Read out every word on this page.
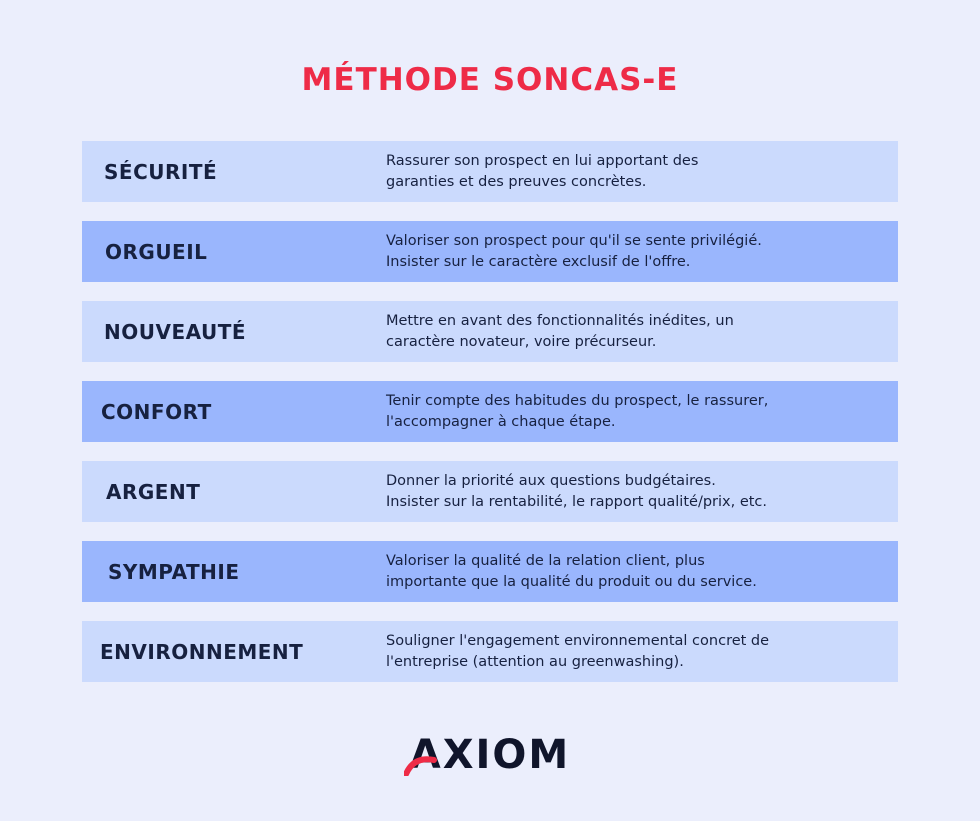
MÉTHODE SONCAS-E
SÉCURITÉ	Rassurer son prospect en lui apportant des
garanties et des preuves concrètes.
ORGUEIL	Valoriser son prospect pour qu'il se sente privilégié.
Insister sur le caractère exclusif de l'offre.
NOUVEAUTÉ	Mettre en avant des fonctionnalités inédites, un
caractère novateur, voire précurseur.
CONFORT	Tenir compte des habitudes du prospect, le rassurer,
l'accompagner à chaque étape.
ARGENT	Donner la priorité aux questions budgétaires.
Insister sur la rentabilité, le rapport qualité/prix, etc.
SYMPATHIE	Valoriser la qualité de la relation client, plus
importante que la qualité du produit ou du service.
ENVIRONNEMENT	Souligner l'engagement environnemental concret de
l'entreprise (attention au greenwashing).
AXIOM
